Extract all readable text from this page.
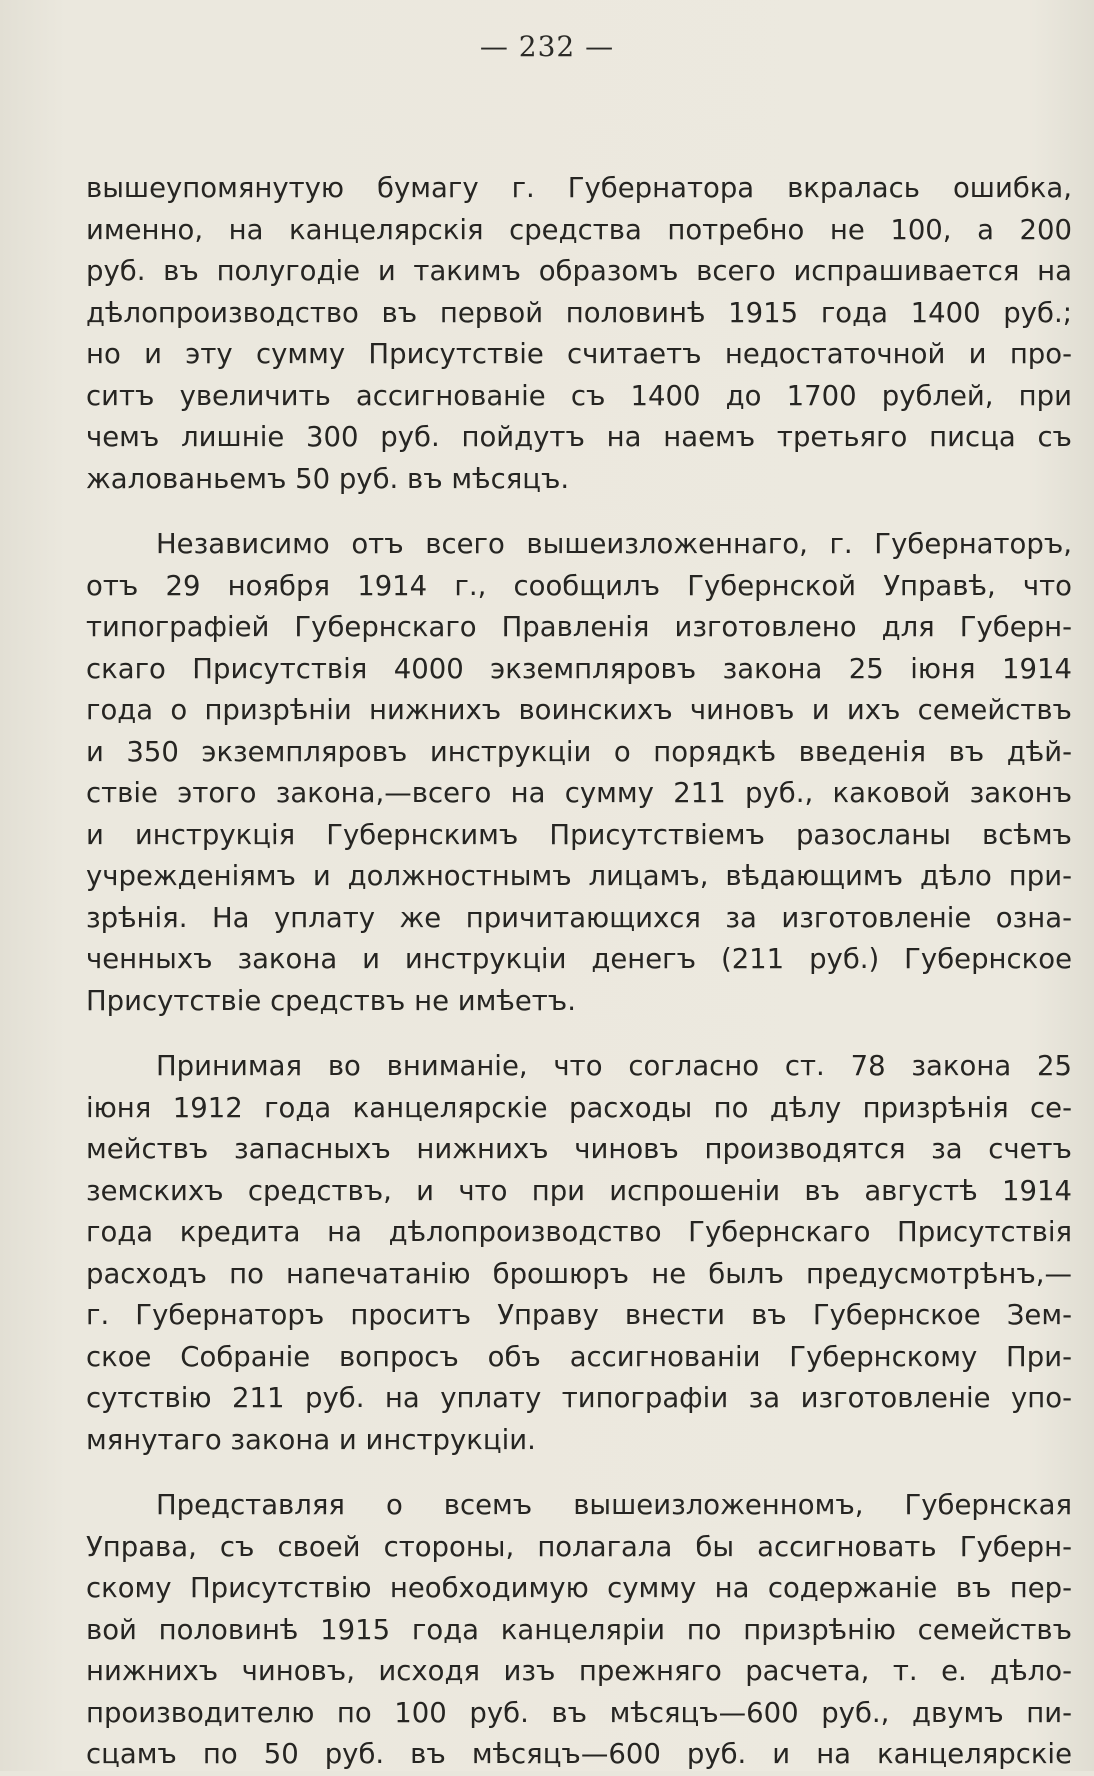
— 232 —
вышеупомянутую бумагу г. Губернатора вкралась ошибка,
именно, на канцелярскія средства потребно не 100, а 200
руб. въ полугодіе и такимъ образомъ всего испрашивается на
дѣлопроизводство въ первой половинѣ 1915 года 1400 руб.;
но и эту сумму Присутствіе считаетъ недостаточной и про-
ситъ увеличить ассигнованіе съ 1400 до 1700 рублей, при
чемъ лишніе 300 руб. пойдутъ на наемъ третьяго писца съ
жалованьемъ 50 руб. въ мѣсяцъ.
Независимо отъ всего вышеизложеннаго, г. Губернаторъ,
отъ 29 ноября 1914 г., сообщилъ Губернской Управѣ, что
типографіей Губернскаго Правленія изготовлено для Губерн-
скаго Присутствія 4000 экземпляровъ закона 25 іюня 1914
года о призрѣніи нижнихъ воинскихъ чиновъ и ихъ семействъ
и 350 экземпляровъ инструкціи о порядкѣ введенія въ дѣй-
ствіе этого закона,—всего на сумму 211 руб., каковой законъ
и инструкція Губернскимъ Присутствіемъ разосланы всѣмъ
учрежденіямъ и должностнымъ лицамъ, вѣдающимъ дѣло при-
зрѣнія. На уплату же причитающихся за изготовленіе озна-
ченныхъ закона и инструкціи денегъ (211 руб.) Губернское
Присутствіе средствъ не имѣетъ.
Принимая во вниманіе, что согласно ст. 78 закона 25
іюня 1912 года канцелярскіе расходы по дѣлу призрѣнія се-
мействъ запасныхъ нижнихъ чиновъ производятся за счетъ
земскихъ средствъ, и что при испрошеніи въ августѣ 1914
года кредита на дѣлопроизводство Губернскаго Присутствія
расходъ по напечатанію брошюръ не былъ предусмотрѣнъ,—
г. Губернаторъ проситъ Управу внести въ Губернское Зем-
ское Собраніе вопросъ объ ассигнованіи Губернскому При-
сутствію 211 руб. на уплату типографіи за изготовленіе упо-
мянутаго закона и инструкціи.
Представляя о всемъ вышеизложенномъ, Губернская
Управа, съ своей стороны, полагала бы ассигновать Губерн-
скому Присутствію необходимую сумму на содержаніе въ пер-
вой половинѣ 1915 года канцеляріи по призрѣнію семействъ
нижнихъ чиновъ, исходя изъ прежняго расчета, т. е. дѣло-
производителю по 100 руб. въ мѣсяцъ—600 руб., двумъ пи-
сцамъ по 50 руб. въ мѣсяцъ—600 руб. и на канцелярскіе
